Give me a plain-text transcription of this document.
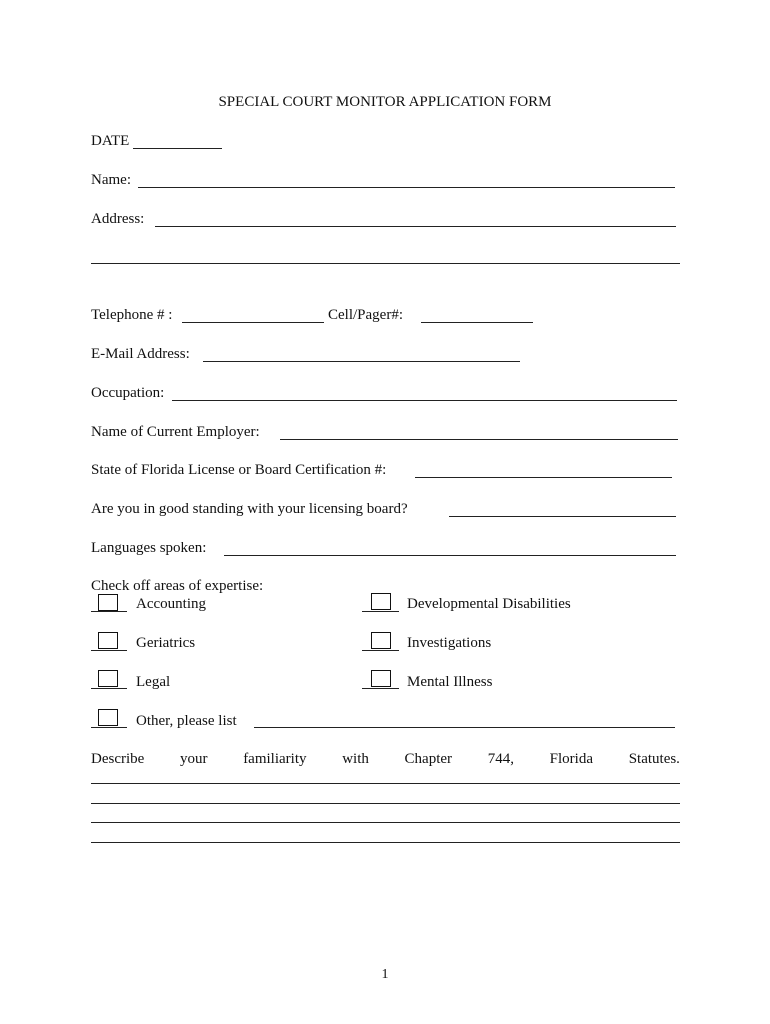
SPECIAL COURT MONITOR APPLICATION FORM
DATE
Name:
Address:
Telephone # :	Cell/Pager#:
E-Mail Address:
Occupation:
Name of Current Employer:
State of Florida License or Board Certification #:
Are you in good standing with your licensing board?
Languages spoken:
Check off areas of expertise:
Accounting	Developmental Disabilities
Geriatrics	Investigations
Legal	Mental Illness
Other, please list
Describe your familiarity with Chapter 744, Florida Statutes.
1
